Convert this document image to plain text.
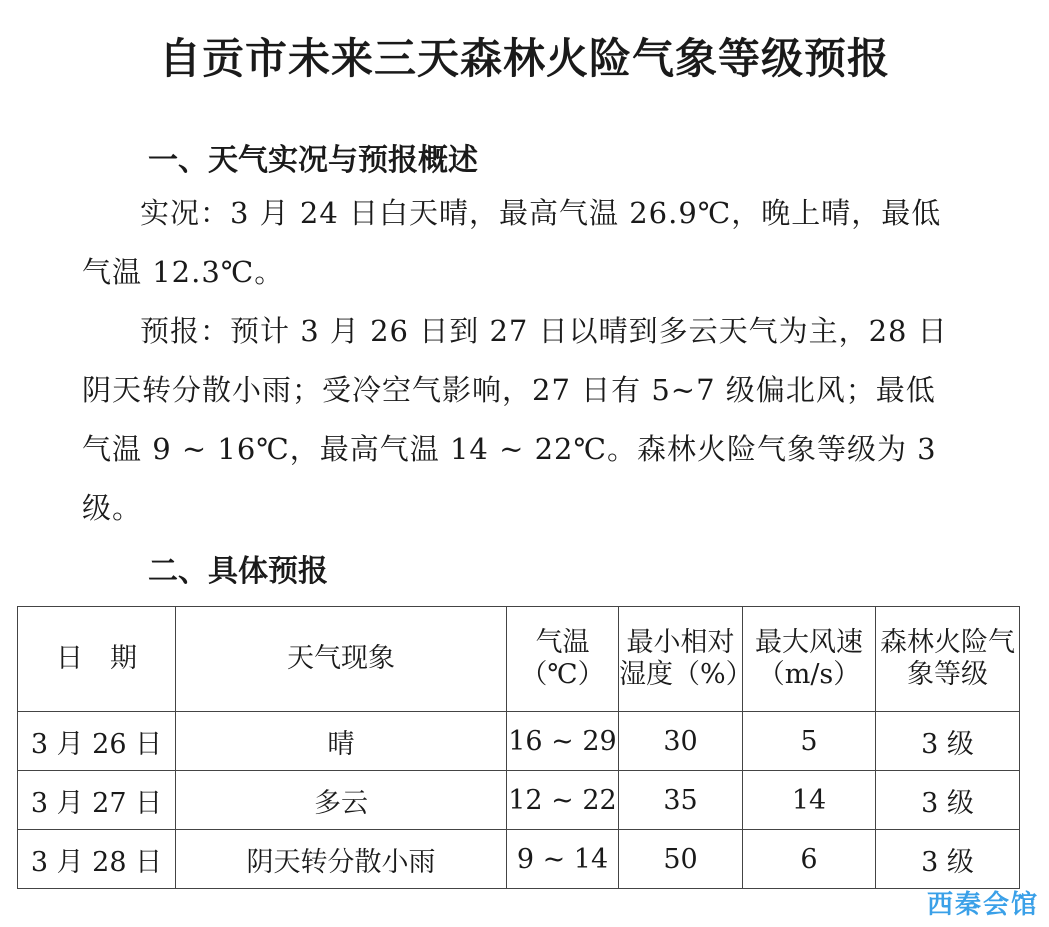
自贡市未来三天森林火险气象等级预报
一、天气实况与预报概述
实况：3 月 24 日白天晴，最高气温 26.9℃，晚上晴，最低气温 12.3℃。
预报：预计 3 月 26 日到 27 日以晴到多云天气为主，28 日阴天转分散小雨；受冷空气影响，27 日有 5~7 级偏北风；最低气温 9 ~ 16℃，最高气温 14 ~ 22℃。森林火险气象等级为 3 级。
二、具体预报
日　期	天气现象	气温（℃）	最小相对湿度（%）	最大风速（m/s）	森林火险气象等级
3 月 26 日	晴	16 ~ 29	30	5	3 级
3 月 27 日	多云	12 ~ 22	35	14	3 级
3 月 28 日	阴天转分散小雨	9 ~ 14	50	6	3 级
西秦会馆
